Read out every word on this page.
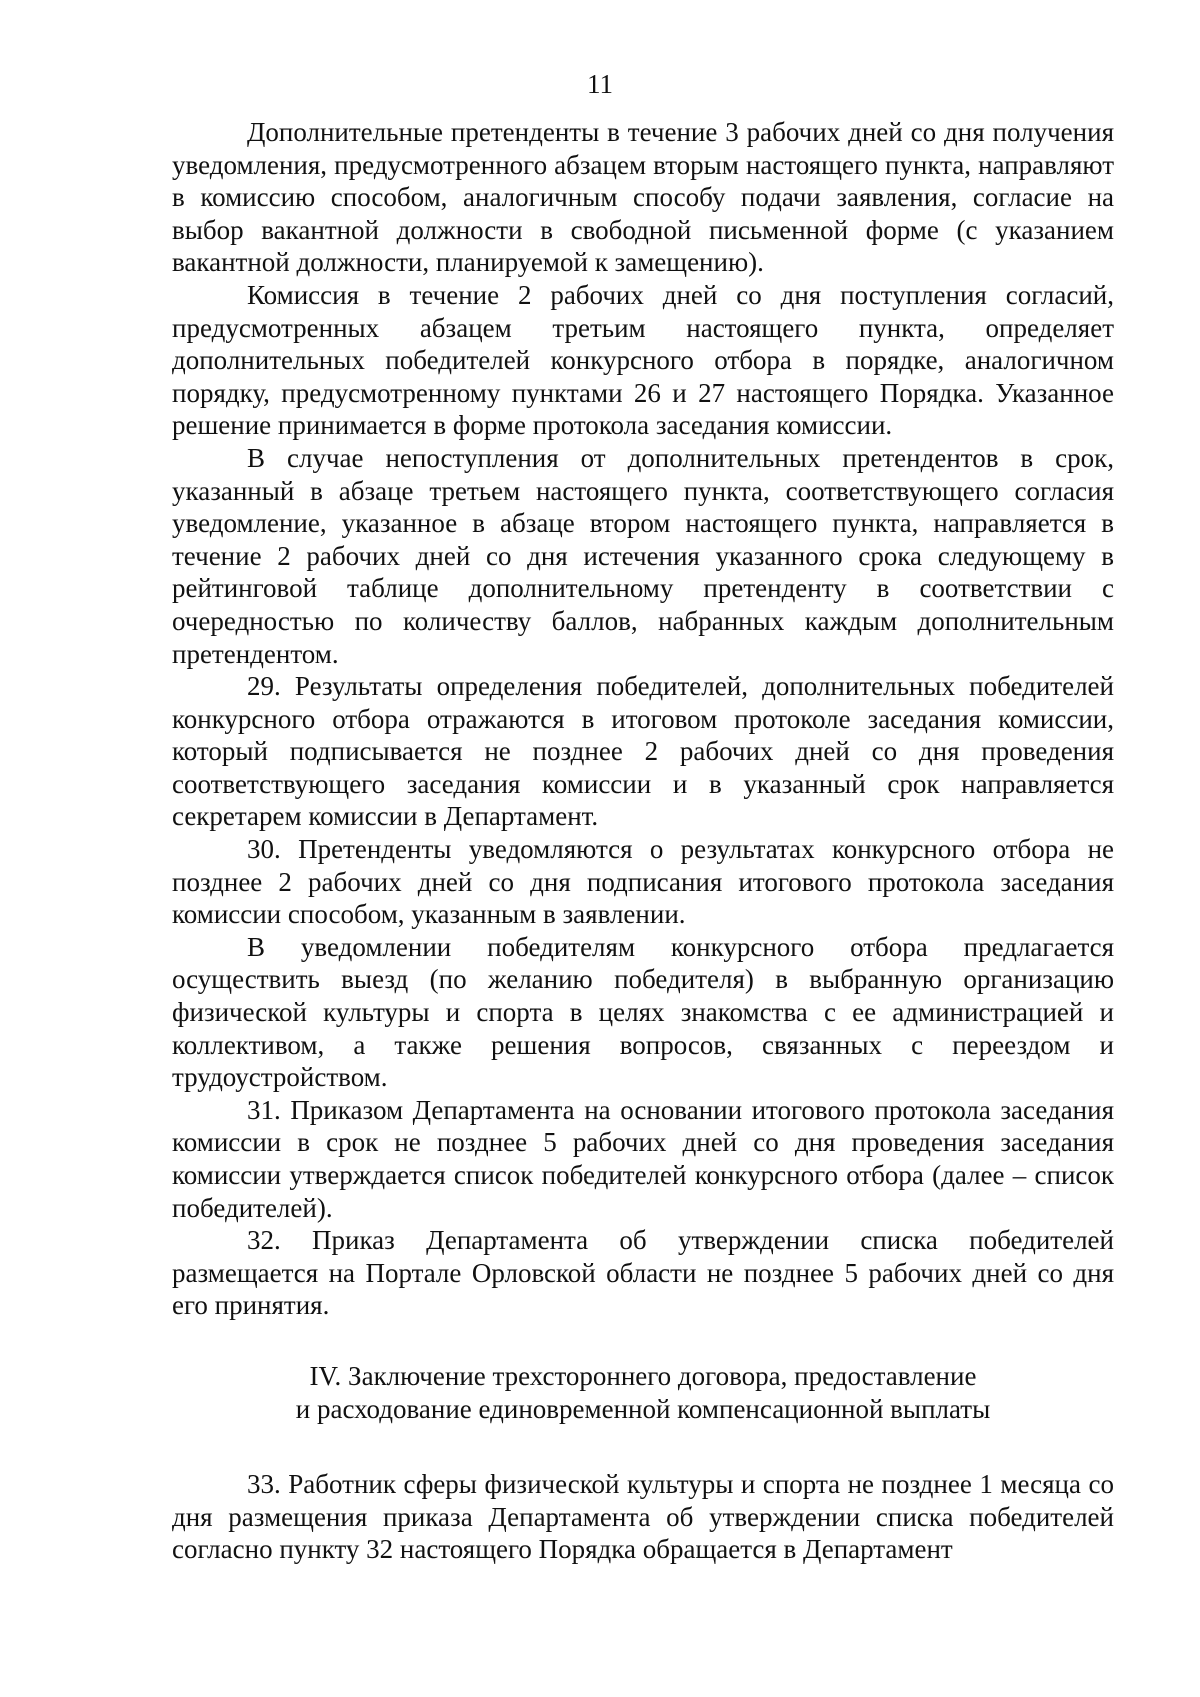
11

Дополнительные претенденты в течение 3 рабочих дней со дня получения уведомления, предусмотренного абзацем вторым настоящего пункта, направляют в комиссию способом, аналогичным способу подачи заявления, согласие на выбор вакантной должности в свободной письменной форме (с указанием вакантной должности, планируемой к замещению).

Комиссия в течение 2 рабочих дней со дня поступления согласий, предусмотренных абзацем третьим настоящего пункта, определяет дополнительных победителей конкурсного отбора в порядке, аналогичном порядку, предусмотренному пунктами 26 и 27 настоящего Порядка. Указанное решение принимается в форме протокола заседания комиссии.

В случае непоступления от дополнительных претендентов в срок, указанный в абзаце третьем настоящего пункта, соответствующего согласия уведомление, указанное в абзаце втором настоящего пункта, направляется в течение 2 рабочих дней со дня истечения указанного срока следующему в рейтинговой таблице дополнительному претенденту в соответствии с очередностью по количеству баллов, набранных каждым дополнительным претендентом.

29. Результаты определения победителей, дополнительных победителей конкурсного отбора отражаются в итоговом протоколе заседания комиссии, который подписывается не позднее 2 рабочих дней со дня проведения соответствующего заседания комиссии и в указанный срок направляется секретарем комиссии в Департамент.

30. Претенденты уведомляются о результатах конкурсного отбора не позднее 2 рабочих дней со дня подписания итогового протокола заседания комиссии способом, указанным в заявлении.

В уведомлении победителям конкурсного отбора предлагается осуществить выезд (по желанию победителя) в выбранную организацию физической культуры и спорта в целях знакомства с ее администрацией и коллективом, а также решения вопросов, связанных с переездом и трудоустройством.

31. Приказом Департамента на основании итогового протокола заседания комиссии в срок не позднее 5 рабочих дней со дня проведения заседания комиссии утверждается список победителей конкурсного отбора (далее – список победителей).

32. Приказ Департамента об утверждении списка победителей размещается на Портале Орловской области не позднее 5 рабочих дней со дня его принятия.

IV. Заключение трехстороннего договора, предоставление
и расходование единовременной компенсационной выплаты

33. Работник сферы физической культуры и спорта не позднее 1 месяца со дня размещения приказа Департамента об утверждении списка победителей согласно пункту 32 настоящего Порядка обращается в Департамент
